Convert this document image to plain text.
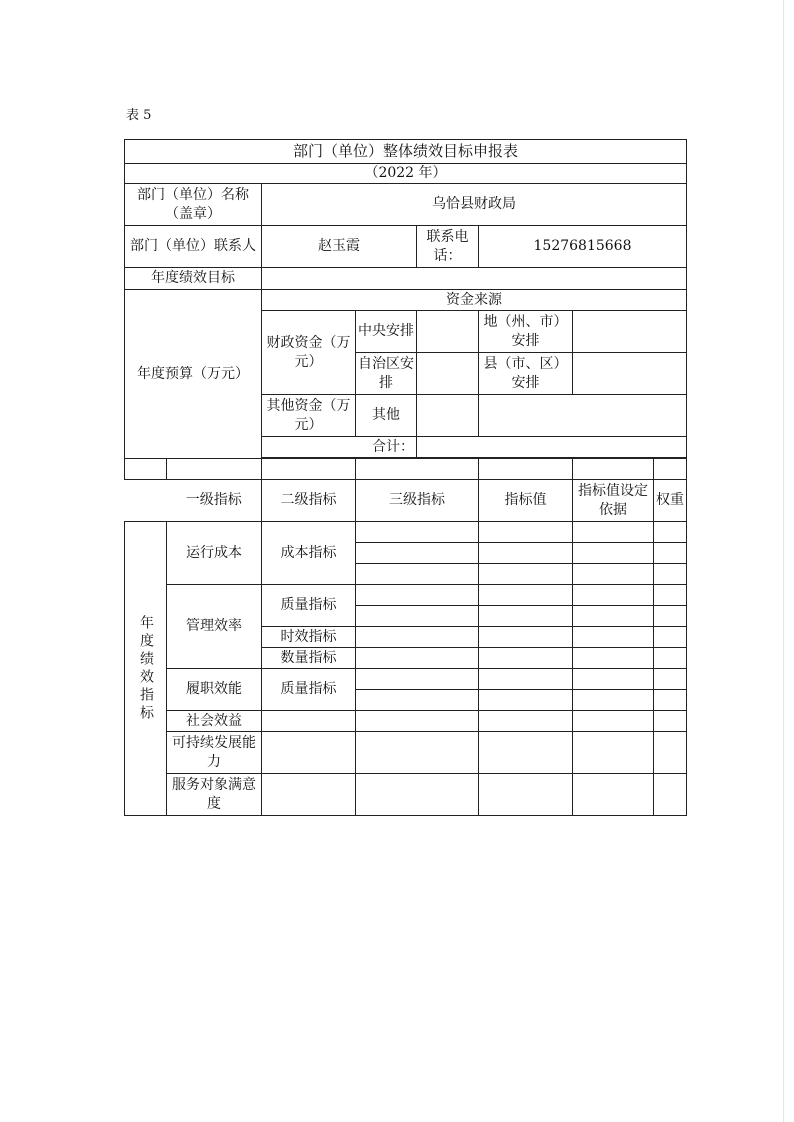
表 5
部门（单位）整体绩效目标申报表							
（2022 年）							
部门（单位）名称（盖章）		乌恰县财政局					
部门（单位）联系人		赵玉霞		联系电话：	15276815668		
年度绩效目标							
年度预算（万元）		资金来源					
		财政资金（万元）	中央安排		地（州、市）安排		
			自治区安排		县（市、区）安排		
		其他资金（万元）	其他				
		合计：					

	一级指标	二级指标	三级指标		指标值	指标值设定依据	权重
年度绩效指标	运行成本	成本指标					

	管理效率	质量指标					

		时效指标					
		数量指标					
	履职效能	质量指标					

	社会效益						
	可持续发展能力						
	服务对象满意度						
